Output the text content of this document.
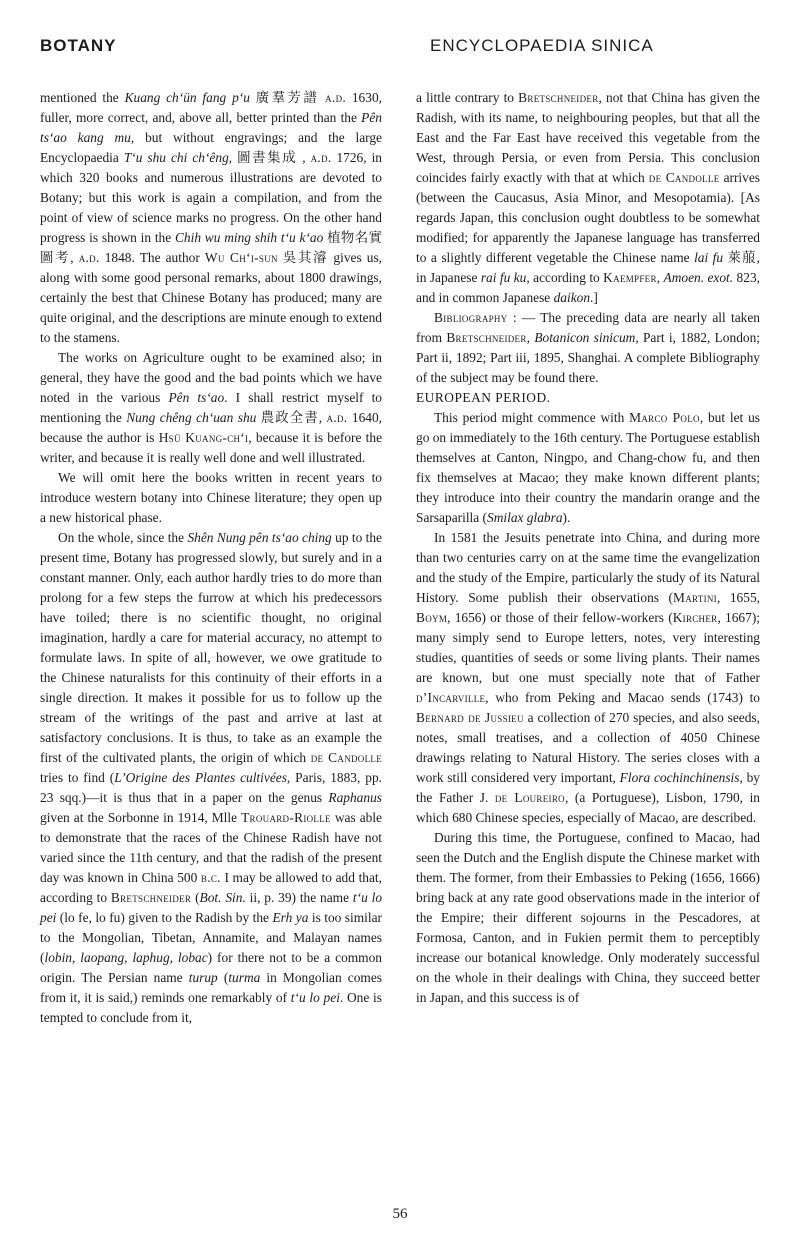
BOTANY	ENCYCLOPAEDIA SINICA

mentioned the Kuang ch‘ün fang p‘u 廣羣芳譜 a.d. 1630, fuller, more correct, and, above all, better printed than the Pên ts‘ao kang mu, but without engravings; and the large Encyclopaedia T‘u shu chi ch‘êng, 圖書集成 , a.d. 1726, in which 320 books and numerous illustrations are devoted to Botany; but this work is again a compilation, and from the point of view of science marks no progress. On the other hand progress is shown in the Chih wu ming shih t‘u k‘ao 植物名實圖考, a.d. 1848. The author Wu Ch‘i-sun 吳其濬 gives us, along with some good personal remarks, about 1800 drawings, certainly the best that Chinese Botany has produced; many are quite original, and the descriptions are minute enough to extend to the stamens.

The works on Agriculture ought to be examined also; in general, they have the good and the bad points which we have noted in the various Pên ts‘ao. I shall restrict myself to mentioning the Nung chêng ch‘uan shu 農政全書, a.d. 1640, because the author is Hsü Kuang-ch‘i, because it is before the writer, and because it is really well done and well illustrated.

We will omit here the books written in recent years to introduce western botany into Chinese literature; they open up a new historical phase.

On the whole, since the Shên Nung pên ts‘ao ching up to the present time, Botany has progressed slowly, but surely and in a constant manner. Only, each author hardly tries to do more than prolong for a few steps the furrow at which his predecessors have toiled; there is no scientific thought, no original imagination, hardly a care for material accuracy, no attempt to formulate laws. In spite of all, however, we owe gratitude to the Chinese naturalists for this continuity of their efforts in a single direction. It makes it possible for us to follow up the stream of the writings of the past and arrive at last at satisfactory conclusions. It is thus, to take as an example the first of the cultivated plants, the origin of which de Candolle tries to find (L’Origine des Plantes cultivées, Paris, 1883, pp. 23 sqq.)—it is thus that in a paper on the genus Raphanus given at the Sorbonne in 1914, Mlle Trouard-Riolle was able to demonstrate that the races of the Chinese Radish have not varied since the 11th century, and that the radish of the present day was known in China 500 b.c. I may be allowed to add that, according to Bretschneider (Bot. Sin. ii, p. 39) the name t‘u lo pei (lo fe, lo fu) given to the Radish by the Erh ya is too similar to the Mongolian, Tibetan, Annamite, and Malayan names (lobin, laopang, laphug, lobac) for there not to be a common origin. The Persian name turup (turma in Mongolian comes from it, it is said,) reminds one remarkably of t‘u lo pei. One is tempted to conclude from it,

a little contrary to Bretschneider, not that China has given the Radish, with its name, to neighbouring peoples, but that all the East and the Far East have received this vegetable from the West, through Persia, or even from Persia. This conclusion coincides fairly exactly with that at which de Candolle arrives (between the Caucasus, Asia Minor, and Mesopotamia). [As regards Japan, this conclusion ought doubtless to be somewhat modified; for apparently the Japanese language has transferred to a slightly different vegetable the Chinese name lai fu 萊菔, in Japanese rai fu ku, according to Kaempfer, Amoen. exot. 823, and in common Japanese daikon.]

Bibliography : — The preceding data are nearly all taken from Bretschneider, Botanicon sinicum, Part i, 1882, London; Part ii, 1892; Part iii, 1895, Shanghai. A complete Bibliography of the subject may be found there.

EUROPEAN PERIOD.

This period might commence with Marco Polo, but let us go on immediately to the 16th century. The Portuguese establish themselves at Canton, Ningpo, and Chang-chow fu, and then fix themselves at Macao; they make known different plants; they introduce into their country the mandarin orange and the Sarsaparilla (Smilax glabra).

In 1581 the Jesuits penetrate into China, and during more than two centuries carry on at the same time the evangelization and the study of the Empire, particularly the study of its Natural History. Some publish their observations (Martini, 1655, Boym, 1656) or those of their fellow-workers (Kircher, 1667); many simply send to Europe letters, notes, very interesting studies, quantities of seeds or some living plants. Their names are known, but one must specially note that of Father d’Incarville, who from Peking and Macao sends (1743) to Bernard de Jussieu a collection of 270 species, and also seeds, notes, small treatises, and a collection of 4050 Chinese drawings relating to Natural History. The series closes with a work still considered very important, Flora cochinchinensis, by the Father J. de Loureiro, (a Portuguese), Lisbon, 1790, in which 680 Chinese species, especially of Macao, are described.

During this time, the Portuguese, confined to Macao, had seen the Dutch and the English dispute the Chinese market with them. The former, from their Embassies to Peking (1656, 1666) bring back at any rate good observations made in the interior of the Empire; their different sojourns in the Pescadores, at Formosa, Canton, and in Fukien permit them to perceptibly increase our botanical knowledge. Only moderately successful on the whole in their dealings with China, they succeed better in Japan, and this success is of

56
